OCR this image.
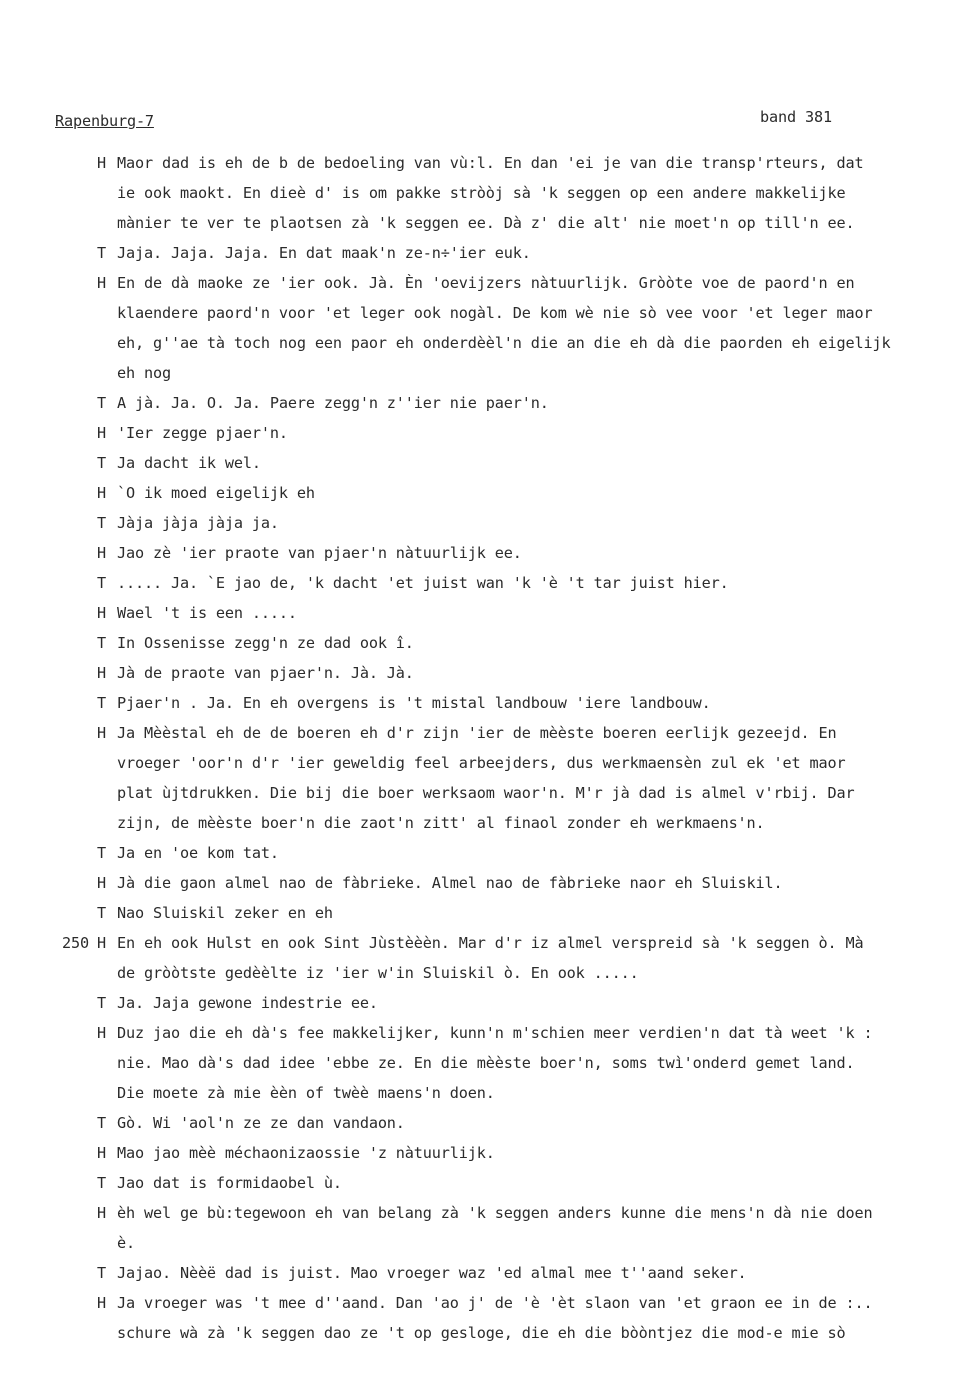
Rapenburg-7	band 381
H Maor dad is eh de b de bedoeling van vù:l. En dan 'ei je van die transp'rteurs, dat
ie ook maokt. En dieè d' is om pakke stròòj sà 'k seggen op een andere makkelijke
mànier te ver te plaotsen zà 'k seggen ee. Dà z' die alt' nie moet'n op till'n ee.
T Jaja. Jaja. Jaja. En dat maak'n ze-n÷'ier euk.
H En de dà maoke ze 'ier ook. Jà. Èn 'oevijzers nàtuurlijk. Gròòte voe de paord'n en
klaendere paord'n voor 'et leger ook nogàl. De kom wè nie sò vee voor 'et leger maor
eh, g''ae tà toch nog een paor eh onderdèèl'n die an die eh dà die paorden eh eigelijk
eh nog
T A jà. Ja. O. Ja. Paere zegg'n z''ier nie paer'n.
H 'Ier zegge pjaer'n.
T Ja dacht ik wel.
H `O ik moed eigelijk eh
T Jàja jàja jàja ja.
H Jao zè 'ier praote van pjaer'n nàtuurlijk ee.
T ..... Ja. `E jao de, 'k dacht 'et juist wan 'k 'è 't tar juist hier.
H Wael 't is een .....
T In Ossenisse zegg'n ze dad ook î.
H Jà de praote van pjaer'n. Jà. Jà.
T Pjaer'n . Ja. En eh overgens is 't mistal landbouw 'iere landbouw.
H Ja Mèèstal eh de de boeren eh d'r zijn 'ier de mèèste boeren eerlijk gezeejd. En
vroeger 'oor'n d'r 'ier geweldig feel arbeejders, dus werkmaensèn zul ek 'et maor
plat ùjtdrukken. Die bij die boer werksaom waor'n. M'r jà dad is almel v'rbij. Dar
zijn, de mèèste boer'n die zaot'n zitt' al finaol zonder eh werkmaens'n.
T Ja en 'oe kom tat.
H Jà die gaon almel nao de fàbrieke. Almel nao de fàbrieke naor eh Sluiskil.
T Nao Sluiskil zeker en eh
250 H En eh ook Hulst en ook Sint Jùstèèèn. Mar d'r iz almel verspreid sà 'k seggen ò. Mà
de gròòtste gedèèlte iz 'ier w'in Sluiskil ò. En ook .....
T Ja. Jaja gewone indestrie ee.
H Duz jao die eh dà's fee makkelijker, kunn'n m'schien meer verdien'n dat tà weet 'k :
nie. Mao dà's dad idee 'ebbe ze. En die mèèste boer'n, soms twì'onderd gemet land.
Die moete zà mie èèn of twèè maens'n doen.
T Gò. Wi 'aol'n ze ze dan vandaon.
H Mao jao mèè méchaonizaossie 'z nàtuurlijk.
T Jao dat is formidaobel ù.
H èh wel ge bù:tegewoon eh van belang zà 'k seggen anders kunne die mens'n dà nie doen
è.
T Jajao. Nèèë dad is juist. Mao vroeger waz 'ed almal mee t''aand seker.
H Ja vroeger was 't mee d''aand. Dan 'ao j' de 'è 'èt slaon van 'et graon ee in de :..
schure wà zà 'k seggen dao ze 't op gesloge, die eh die bòòntjez die mod-e mie sò
